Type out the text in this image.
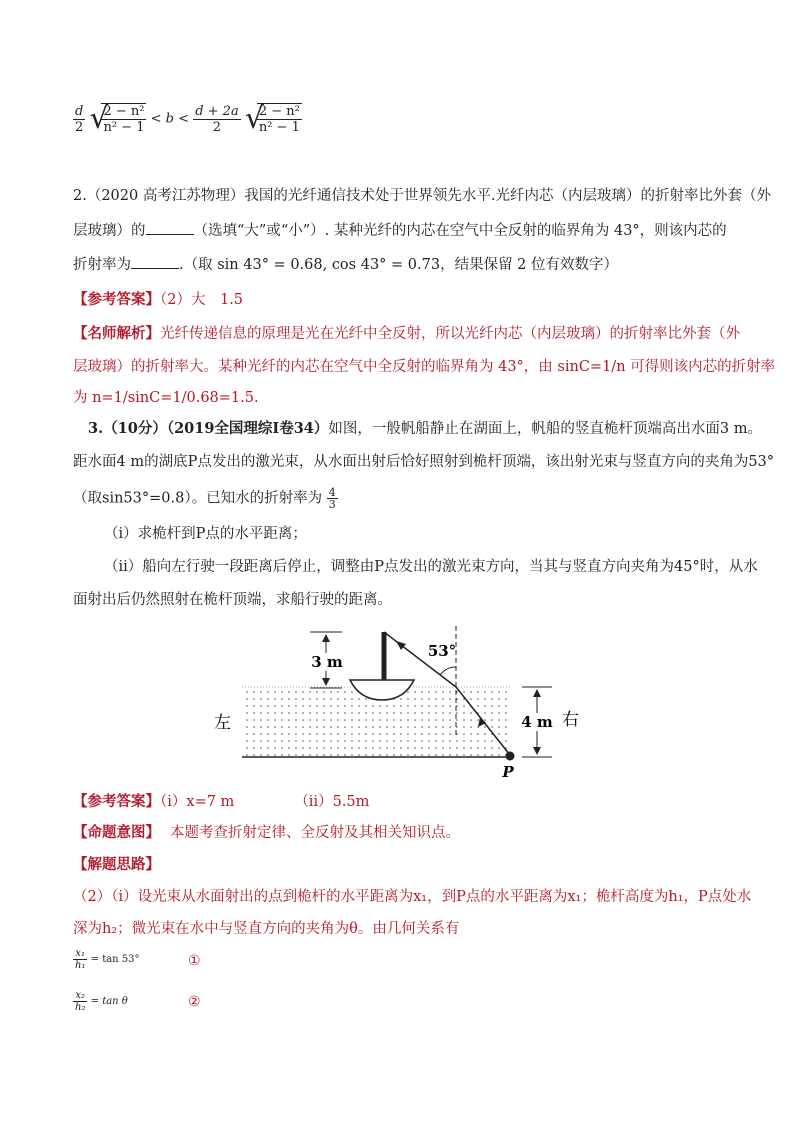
$\frac{d}{2}$
√
$\frac{\text{2 − n²}}{\text{n² − 1}} < b < \frac{d + 2a}{2}$
√
$\frac{\text{2 − n²}}{\text{n² − 1}}$
2.（2020 高考江苏物理）我国的光纤通信技术处于世界领先水平.光纤内芯（内层玻璃）的折射率比外套（外
层玻璃）的	（选填“大”或“小”）. 某种光纤的内芯在空气中全反射的临界角为 43°，则该内芯的
折射率为	.（取 sin 43° = 0.68, cos 43° = 0.73，结果保留 2 位有效数字）
【参考答案】（2）大　1.5
【名师解析】光纤传递信息的原理是光在光纤中全反射，所以光纤内芯（内层玻璃）的折射率比外套（外
层玻璃）的折射率大。某种光纤的内芯在空气中全反射的临界角为 43°，由 sinC=1/n 可得则该内芯的折射率
为 n=1/sinC=1/0.68=1.5.
3.（10分）（2019全国理综I卷34）如图，一般帆船静止在湖面上，帆船的竖直桅杆顶端高出水面3 m。
距水面4 m的湖底P点发出的激光束，从水面出射后恰好照射到桅杆顶端，该出射光束与竖直方向的夹角为53°
（取sin53°=0.8）。已知水的折射率为 $\frac{4}{3}$
（i）求桅杆到P点的水平距离；
（ii）船向左行驶一段距离后停止，调整由P点发出的激光束方向，当其与竖直方向夹角为45°时，从水
面射出后仍然照射在桅杆顶端，求船行驶的距离。
3 m
53°
P
4 m
左	右
【参考答案】（i）x=7 m	（ii）5.5m
【命题意图】 本题考查折射定律、全反射及其相关知识点。
【解题思路】
（2）（i）设光束从水面射出的点到桅杆的水平距离为x₁，到P点的水平距离为x₁；桅杆高度为h₁，P点处水
深为h₂；微光束在水中与竖直方向的夹角为θ。由几何关系有
$\frac{\text{x₁}}{\text{h₁}} = \tan 53^\circ$	①
$\frac{\text{x₂}}{\text{h₂}} = \tan \theta$	②
